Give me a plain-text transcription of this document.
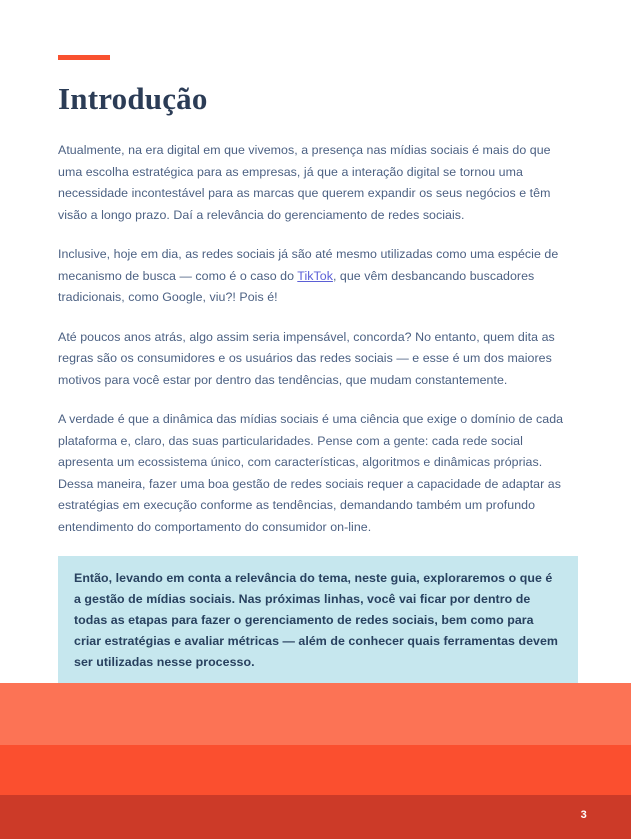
Introdução

Atualmente, na era digital em que vivemos, a presença nas mídias sociais é mais do que uma escolha estratégica para as empresas, já que a interação digital se tornou uma necessidade incontestável para as marcas que querem expandir os seus negócios e têm visão a longo prazo. Daí a relevância do gerenciamento de redes sociais.

Inclusive, hoje em dia, as redes sociais já são até mesmo utilizadas como uma espécie de mecanismo de busca — como é o caso do TikTok, que vêm desbancando buscadores tradicionais, como Google, viu?! Pois é!

Até poucos anos atrás, algo assim seria impensável, concorda? No entanto, quem dita as regras são os consumidores e os usuários das redes sociais — e esse é um dos maiores motivos para você estar por dentro das tendências, que mudam constantemente.

A verdade é que a dinâmica das mídias sociais é uma ciência que exige o domínio de cada plataforma e, claro, das suas particularidades. Pense com a gente: cada rede social apresenta um ecossistema único, com características, algoritmos e dinâmicas próprias. Dessa maneira, fazer uma boa gestão de redes sociais requer a capacidade de adaptar as estratégias em execução conforme as tendências, demandando também um profundo entendimento do comportamento do consumidor on-line.

Então, levando em conta a relevância do tema, neste guia, exploraremos o que é a gestão de mídias sociais. Nas próximas linhas, você vai ficar por dentro de todas as etapas para fazer o gerenciamento de redes sociais, bem como para criar estratégias e avaliar métricas — além de conhecer quais ferramentas devem ser utilizadas nesse processo.

3
